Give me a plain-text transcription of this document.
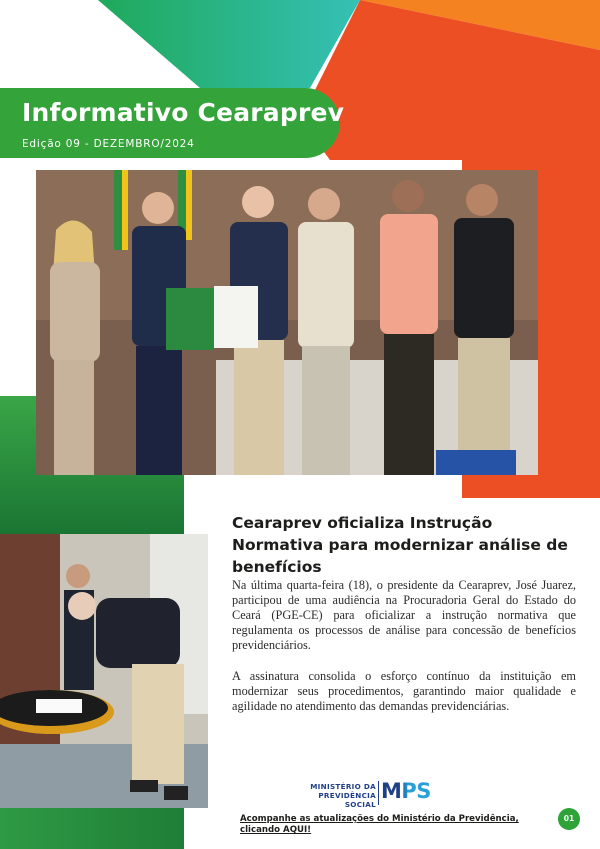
Informativo Cearaprev
Edição 09 - DEZEMBRO/2024
Cearaprev oficializa Instrução Normativa para modernizar análise de benefícios
Na última quarta-feira (18), o presidente da Cearaprev, José Juarez, participou de uma audiência na Procuradoria Geral do Estado do Ceará (PGE-CE) para oficializar a instrução normativa que regulamenta os processos de análise para concessão de benefícios previdenciários.
A assinatura consolida o esforço contínuo da instituição em modernizar seus procedimentos, garantindo maior qualidade e agilidade no atendimento das demandas previdenciárias.
MINISTÉRIO DA
PREVIDÊNCIA SOCIAL
MPS
Acompanhe as atualizações do Ministério da Previdência, clicando AQUI!
01
